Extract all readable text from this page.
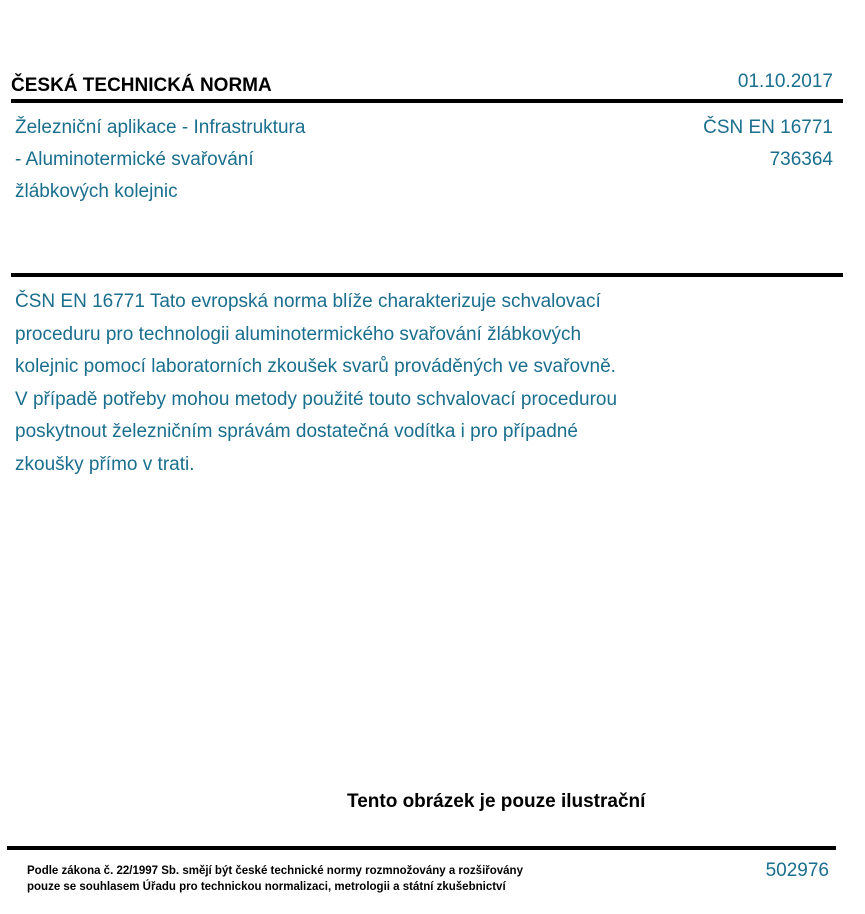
ČESKÁ TECHNICKÁ NORMA	01.10.2017
Železniční aplikace - Infrastruktura
- Aluminotermické svařování
žlábkových kolejnic
ČSN EN 16771
736364
ČSN EN 16771 Tato evropská norma blíže charakterizuje schvalovací
proceduru pro technologii aluminotermického svařování žlábkových
kolejnic pomocí laboratorních zkoušek svarů prováděných ve svařovně.
V případě potřeby mohou metody použité touto schvalovací procedurou
poskytnout železničním správám dostatečná vodítka i pro případné
zkoušky přímo v trati.
Tento obrázek je pouze ilustrační
Podle zákona č. 22/1997 Sb. smějí být české technické normy rozmnožovány a rozšiřovány
pouze se souhlasem Úřadu pro technickou normalizaci, metrologii a státní zkušebnictví
502976
